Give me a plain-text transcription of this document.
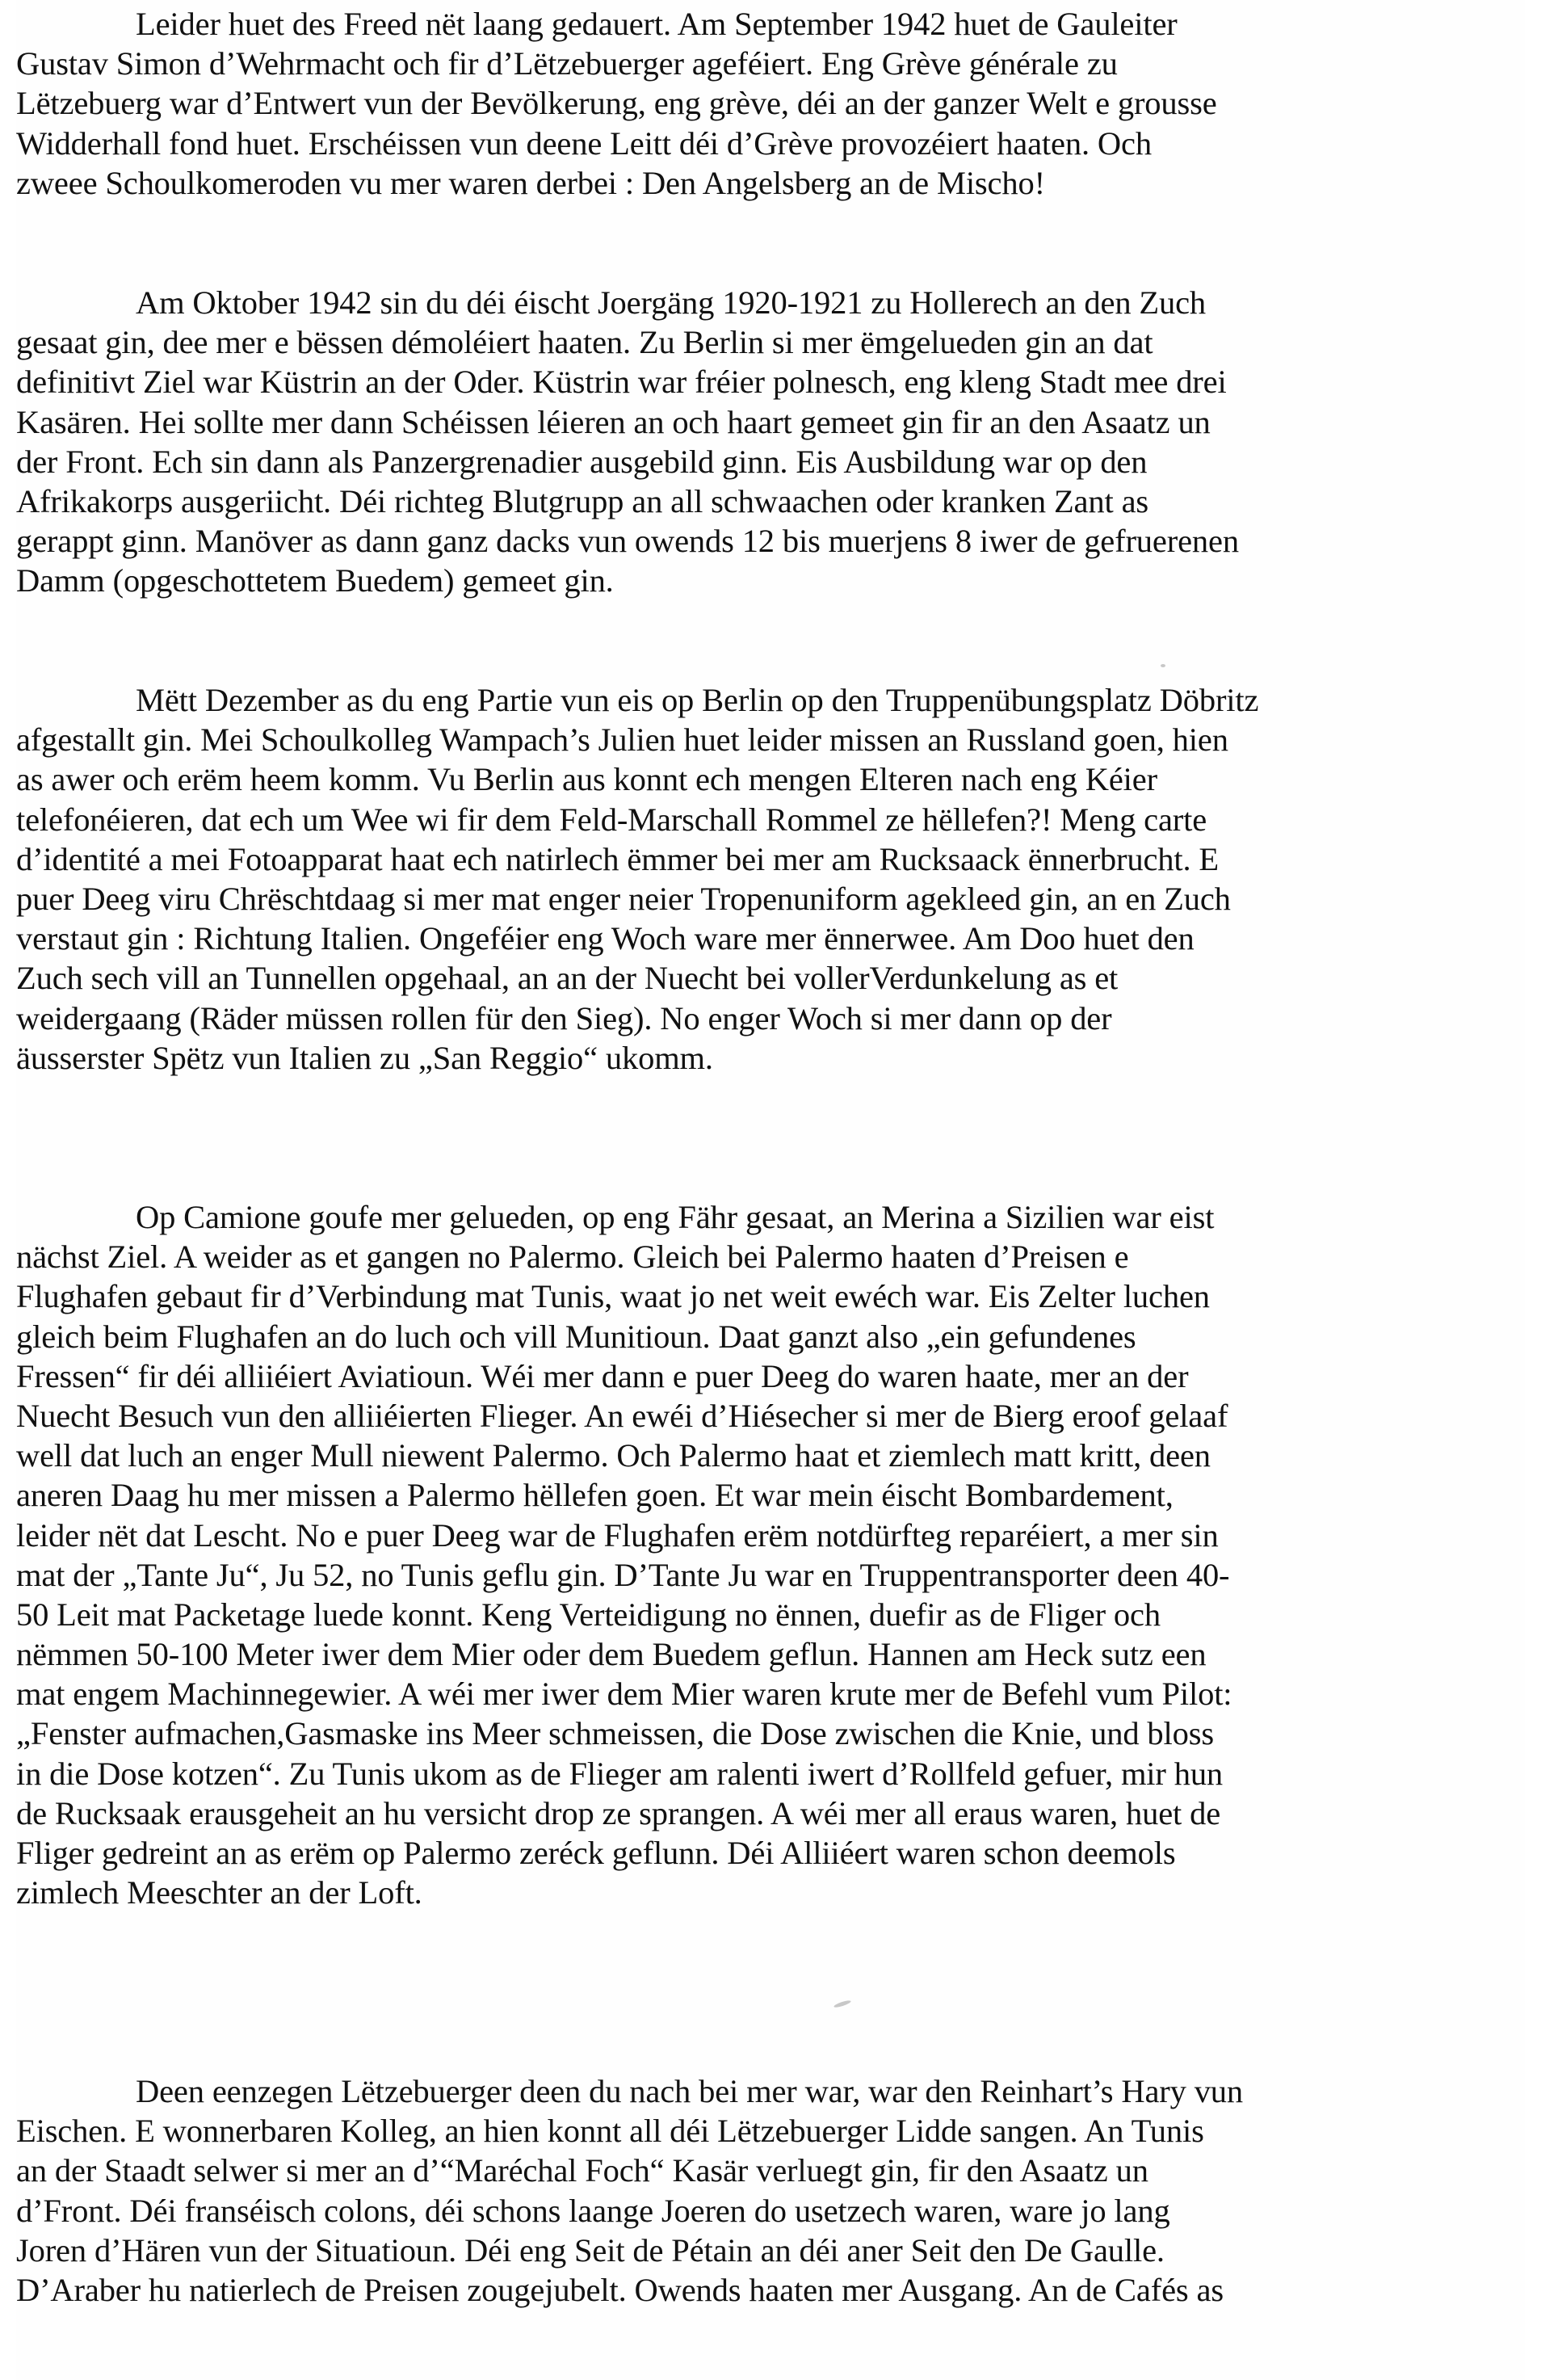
Leider huet des Freed nët laang gedauert. Am September 1942 huet de Gauleiter
Gustav Simon d’Wehrmacht och fir d’Lëtzebuerger ageféiert. Eng Grève générale zu
Lëtzebuerg war d’Entwert vun der Bevölkerung, eng grève, déi an der ganzer Welt e grousse
Widderhall fond huet. Erschéissen vun deene Leitt déi d’Grève provozéiert haaten. Och
zweee Schoulkomeroden vu mer waren derbei : Den Angelsberg an de Mischo!
Am Oktober 1942 sin du déi éischt Joergäng 1920-1921 zu Hollerech an den Zuch
gesaat gin, dee mer e bëssen démoléiert haaten. Zu Berlin si mer ëmgelueden gin an dat
definitivt Ziel war Küstrin an der Oder. Küstrin war fréier polnesch, eng kleng Stadt mee drei
Kasären. Hei sollte mer dann Schéissen léieren an och haart gemeet gin fir an den Asaatz un
der Front. Ech sin dann als Panzergrenadier ausgebild ginn. Eis Ausbildung war op den
Afrikakorps ausgeriicht. Déi richteg Blutgrupp an all schwaachen oder kranken Zant as
gerappt ginn. Manöver as dann ganz dacks vun owends 12 bis muerjens 8 iwer de gefruerenen
Damm (opgeschottetem Buedem) gemeet gin.
Mëtt Dezember as du eng Partie vun eis op Berlin op den Truppenübungsplatz Döbritz
afgestallt gin. Mei Schoulkolleg Wampach’s Julien huet leider missen an Russland goen, hien
as awer och erëm heem komm. Vu Berlin aus konnt ech mengen Elteren nach eng Kéier
telefonéieren, dat ech um Wee wi fir dem Feld-Marschall Rommel ze hëllefen?! Meng carte
d’identité a mei Fotoapparat haat ech natirlech ëmmer bei mer am Rucksaack ënnerbrucht. E
puer Deeg viru Chrëschtdaag si mer mat enger neier Tropenuniform agekleed gin, an en Zuch
verstaut gin : Richtung Italien. Ongeféier eng Woch ware mer ënnerwee. Am Doo huet den
Zuch sech vill an Tunnellen opgehaal, an an der Nuecht bei vollerVerdunkelung as et
weidergaang (Räder müssen rollen für den Sieg). No enger Woch si mer dann op der
äusserster Spëtz vun Italien zu „San Reggio“ ukomm.
Op Camione goufe mer gelueden, op eng Fähr gesaat, an Merina a Sizilien war eist
nächst Ziel. A weider as et gangen no Palermo. Gleich bei Palermo haaten d’Preisen e
Flughafen gebaut fir d’Verbindung mat Tunis, waat jo net weit ewéch war. Eis Zelter luchen
gleich beim Flughafen an do luch och vill Munitioun. Daat ganzt also „ein gefundenes
Fressen“ fir déi alliiéiert Aviatioun. Wéi mer dann e puer Deeg do waren haate, mer an der
Nuecht Besuch vun den alliiéierten Flieger. An ewéi d’Hiésecher si mer de Bierg eroof gelaaf
well dat luch an enger Mull niewent Palermo. Och Palermo haat et ziemlech matt kritt, deen
aneren Daag hu mer missen a Palermo hëllefen goen. Et war mein éischt Bombardement,
leider nët dat Lescht. No e puer Deeg war de Flughafen erëm notdürfteg reparéiert, a mer sin
mat der „Tante Ju“, Ju 52, no Tunis geflu gin. D’Tante Ju war en Truppentransporter deen 40-
50 Leit mat Packetage luede konnt. Keng Verteidigung no ënnen, duefir as de Fliger och
nëmmen 50-100 Meter iwer dem Mier oder dem Buedem geflun. Hannen am Heck sutz een
mat engem Machinnegewier. A wéi mer iwer dem Mier waren krute mer de Befehl vum Pilot:
„Fenster aufmachen,Gasmaske ins Meer schmeissen, die Dose zwischen die Knie, und bloss
in die Dose kotzen“. Zu Tunis ukom as de Flieger am ralenti iwert d’Rollfeld gefuer, mir hun
de Rucksaak erausgeheit an hu versicht drop ze sprangen. A wéi mer all eraus waren, huet de
Fliger gedreint an as erëm op Palermo zeréck geflunn. Déi Alliiéert waren schon deemols
zimlech Meeschter an der Loft.
Deen eenzegen Lëtzebuerger deen du nach bei mer war, war den Reinhart’s Hary vun
Eischen. E wonnerbaren Kolleg, an hien konnt all déi Lëtzebuerger Lidde sangen. An Tunis
an der Staadt selwer si mer an d’“Maréchal Foch“ Kasär verluegt gin, fir den Asaatz un
d’Front. Déi franséisch colons, déi schons laange Joeren do usetzech waren, ware jo lang
Joren d’Hären vun der Situatioun. Déi eng Seit de Pétain an déi aner Seit den De Gaulle.
D’Araber hu natierlech de Preisen zougejubelt. Owends haaten mer Ausgang. An de Cafés as
